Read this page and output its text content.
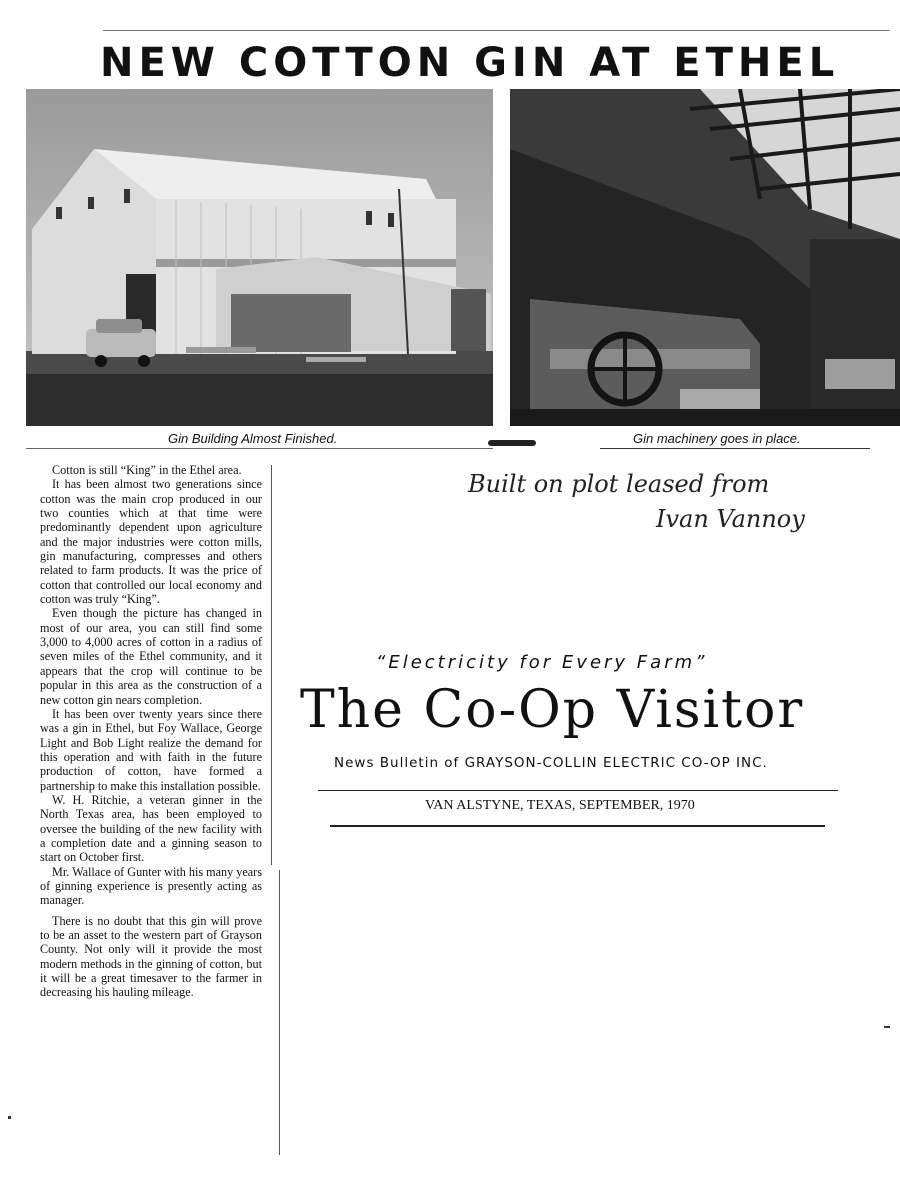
NEW COTTON GIN AT ETHEL
Gin Building Almost Finished.	Gin machinery goes in place.

Cotton is still “King” in the Ethel area.

It has been almost two generations since cotton was the main crop produced in our two counties which at that time were predominantly dependent upon agriculture and the major industries were cotton mills, gin manufacturing, compresses and others related to farm products. It was the price of cotton that controlled our local economy and cotton was truly “King”.

Even though the picture has changed in most of our area, you can still find some 3,000 to 4,000 acres of cotton in a radius of seven miles of the Ethel community, and it appears that the crop will continue to be popular in this area as the construction of a new cotton gin nears completion.

It has been over twenty years since there was a gin in Ethel, but Foy Wallace, George Light and Bob Light realize the demand for this operation and with faith in the future production of cotton, have formed a partnership to make this installation possible.

W. H. Ritchie, a veteran ginner in the North Texas area, has been employed to oversee the building of the new facility with a completion date and a ginning season to start on October first.

Mr. Wallace of Gunter with his many years of ginning experience is presently acting as manager.

There is no doubt that this gin will prove to be an asset to the western part of Grayson County. Not only will it provide the most modern methods in the ginning of cotton, but it will be a great timesaver to the farmer in decreasing his hauling mileage.

Built on plot leased from
Ivan Vannoy
“Electricity for Every Farm”
The Co-Op Visitor
News Bulletin of GRAYSON-COLLIN ELECTRIC CO-OP INC.
VAN ALSTYNE, TEXAS, SEPTEMBER, 1970
